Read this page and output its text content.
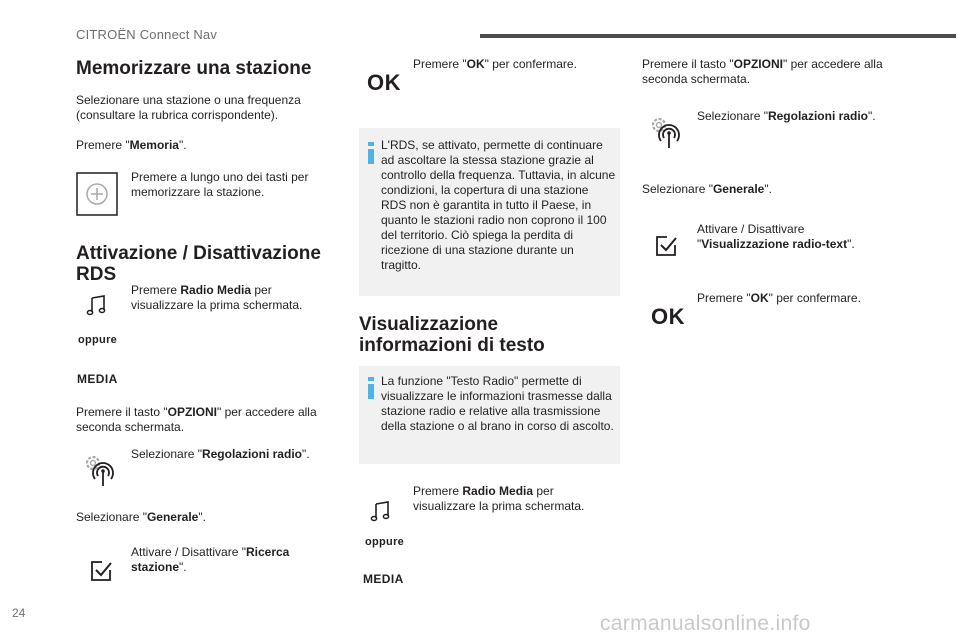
CITROËN Connect Nav
Memorizzare una stazione
Selezionare una stazione o una frequenza (consultare la rubrica corrispondente).
Premere "Memoria".
Premere a lungo uno dei tasti per memorizzare la stazione.
Attivazione / Disattivazione
RDS
Premere Radio Media per visualizzare la prima schermata.
oppure
MEDIA
Premere il tasto "OPZIONI" per accedere alla seconda schermata.
Selezionare "Regolazioni radio".
Selezionare "Generale".
Attivare / Disattivare "Ricerca stazione".
OK
Premere "OK" per confermare.
L'RDS, se attivato, permette di continuare ad ascoltare la stessa stazione grazie al controllo della frequenza. Tuttavia, in alcune condizioni, la copertura di una stazione RDS non è garantita in tutto il Paese, in quanto le stazioni radio non coprono il 100 del territorio. Ciò spiega la perdita di ricezione di una stazione durante un tragitto.
Visualizzazione
informazioni di testo
La funzione "Testo Radio" permette di visualizzare le informazioni trasmesse dalla stazione radio e relative alla trasmissione della stazione o al brano in corso di ascolto.
Premere Radio Media per visualizzare la prima schermata.
oppure
MEDIA
Premere il tasto "OPZIONI" per accedere alla seconda schermata.
Selezionare "Regolazioni radio".
Selezionare "Generale".
Attivare / Disattivare
"Visualizzazione radio-text".
OK
Premere "OK" per confermare.
24	carmanualsonline.info
